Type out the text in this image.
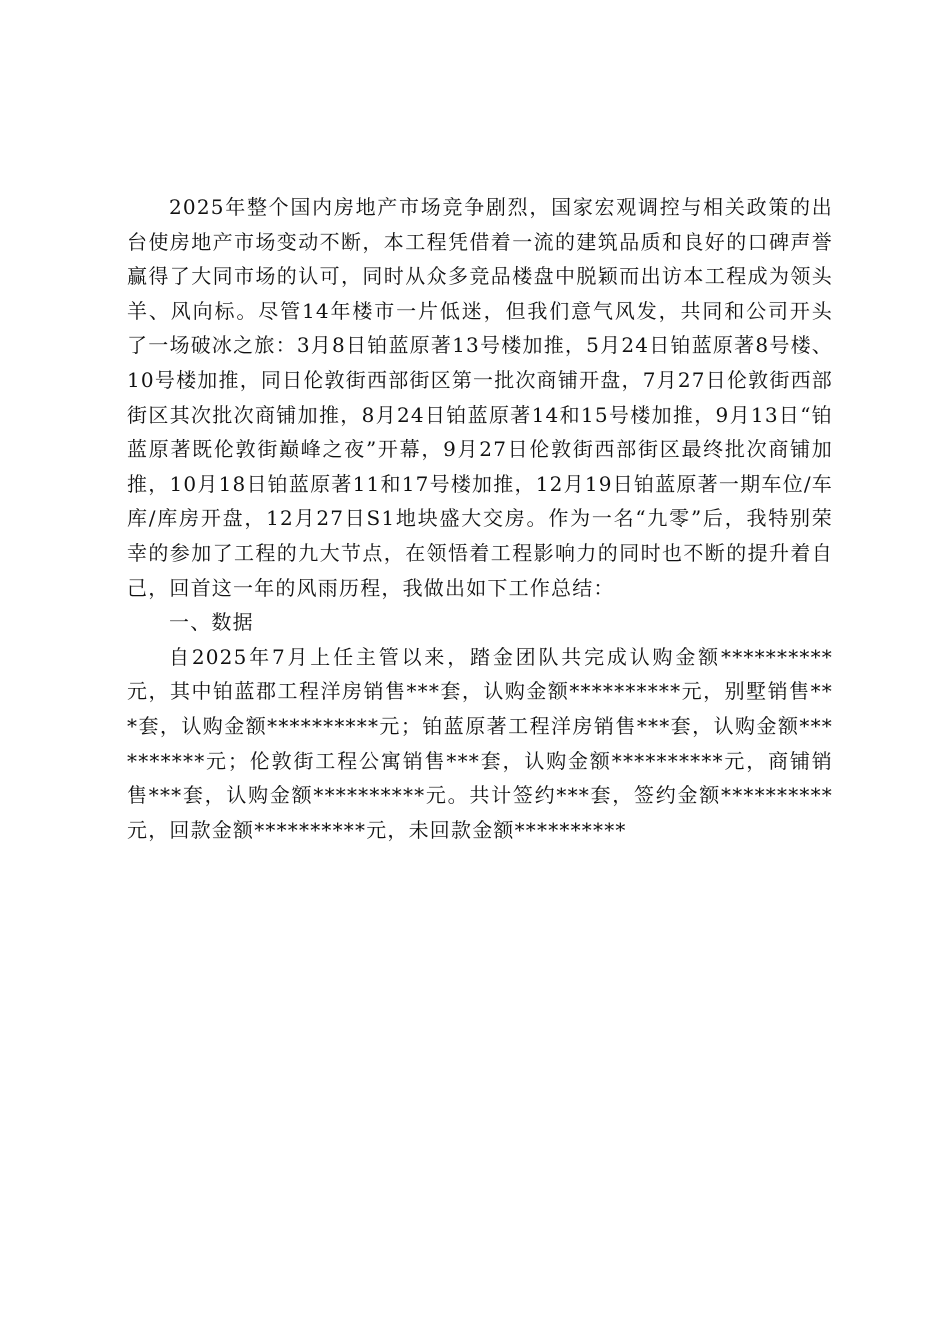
2025年整个国内房地产市场竞争剧烈，国家宏观调控与相关政策的出台使房地产市场变动不断，本工程凭借着一流的建筑品质和良好的口碑声誉赢得了大同市场的认可，同时从众多竞品楼盘中脱颖而出访本工程成为领头羊、风向标。尽管14年楼市一片低迷，但我们意气风发，共同和公司开头了一场破冰之旅：3月8日铂蓝原著13号楼加推，5月24日铂蓝原著8号楼、10号楼加推，同日伦敦街西部街区第一批次商铺开盘，7月27日伦敦街西部街区其次批次商铺加推，8月24日铂蓝原著14和15号楼加推，9月13日“铂蓝原著既伦敦街巅峰之夜”开幕，9月27日伦敦街西部街区最终批次商铺加推，10月18日铂蓝原著11和17号楼加推，12月19日铂蓝原著一期车位/车库/库房开盘，12月27日S1地块盛大交房。作为一名“九零”后，我特别荣幸的参加了工程的九大节点，在领悟着工程影响力的同时也不断的提升着自己，回首这一年的风雨历程，我做出如下工作总结：

一、数据

自2025年7月上任主管以来，踏金团队共完成认购金额**********元，其中铂蓝郡工程洋房销售***套，认购金额**********元，别墅销售***套，认购金额**********元；铂蓝原著工程洋房销售***套，认购金额**********元；伦敦街工程公寓销售***套，认购金额**********元，商铺销售***套，认购金额**********元。共计签约***套，签约金额**********元，回款金额**********元，未回款金额**********
